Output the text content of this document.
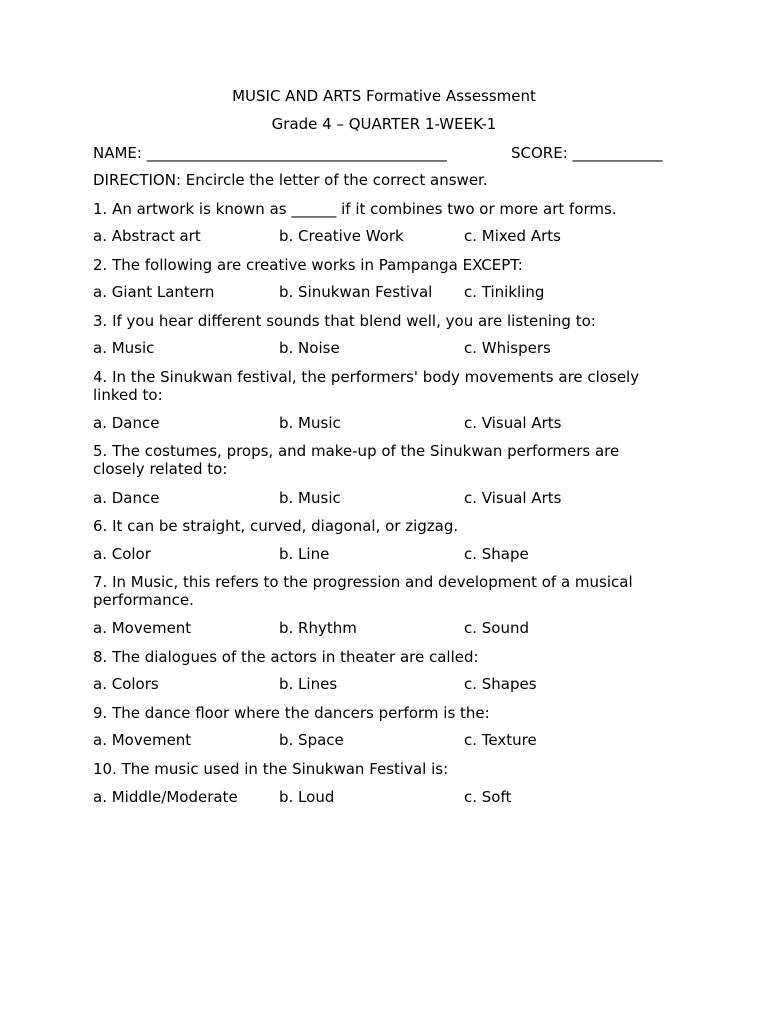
MUSIC AND ARTS Formative Assessment
Grade 4 – QUARTER 1-WEEK-1
NAME: ________________________________________	SCORE: ____________
DIRECTION: Encircle the letter of the correct answer.
1. An artwork is known as ______ if it combines two or more art forms.
a. Abstract art	b. Creative Work	c. Mixed Arts
2. The following are creative works in Pampanga EXCEPT:
a. Giant Lantern	b. Sinukwan Festival c. Tinikling
3. If you hear different sounds that blend well, you are listening to:
a. Music	b. Noise	c. Whispers
4. In the Sinukwan festival, the performers' body movements are closely linked to:
a. Dance	b. Music	c. Visual Arts
5. The costumes, props, and make-up of the Sinukwan performers are closely related to:
a. Dance	b. Music	c. Visual Arts
6. It can be straight, curved, diagonal, or zigzag.
a. Color	b. Line	c. Shape
7. In Music, this refers to the progression and development of a musical performance.
a. Movement	b. Rhythm	c. Sound
8. The dialogues of the actors in theater are called:
a. Colors	b. Lines	c. Shapes
9. The dance floor where the dancers perform is the:
a. Movement	b. Space	c. Texture
10. The music used in the Sinukwan Festival is:
a. Middle/Moderate	b. Loud	c. Soft
